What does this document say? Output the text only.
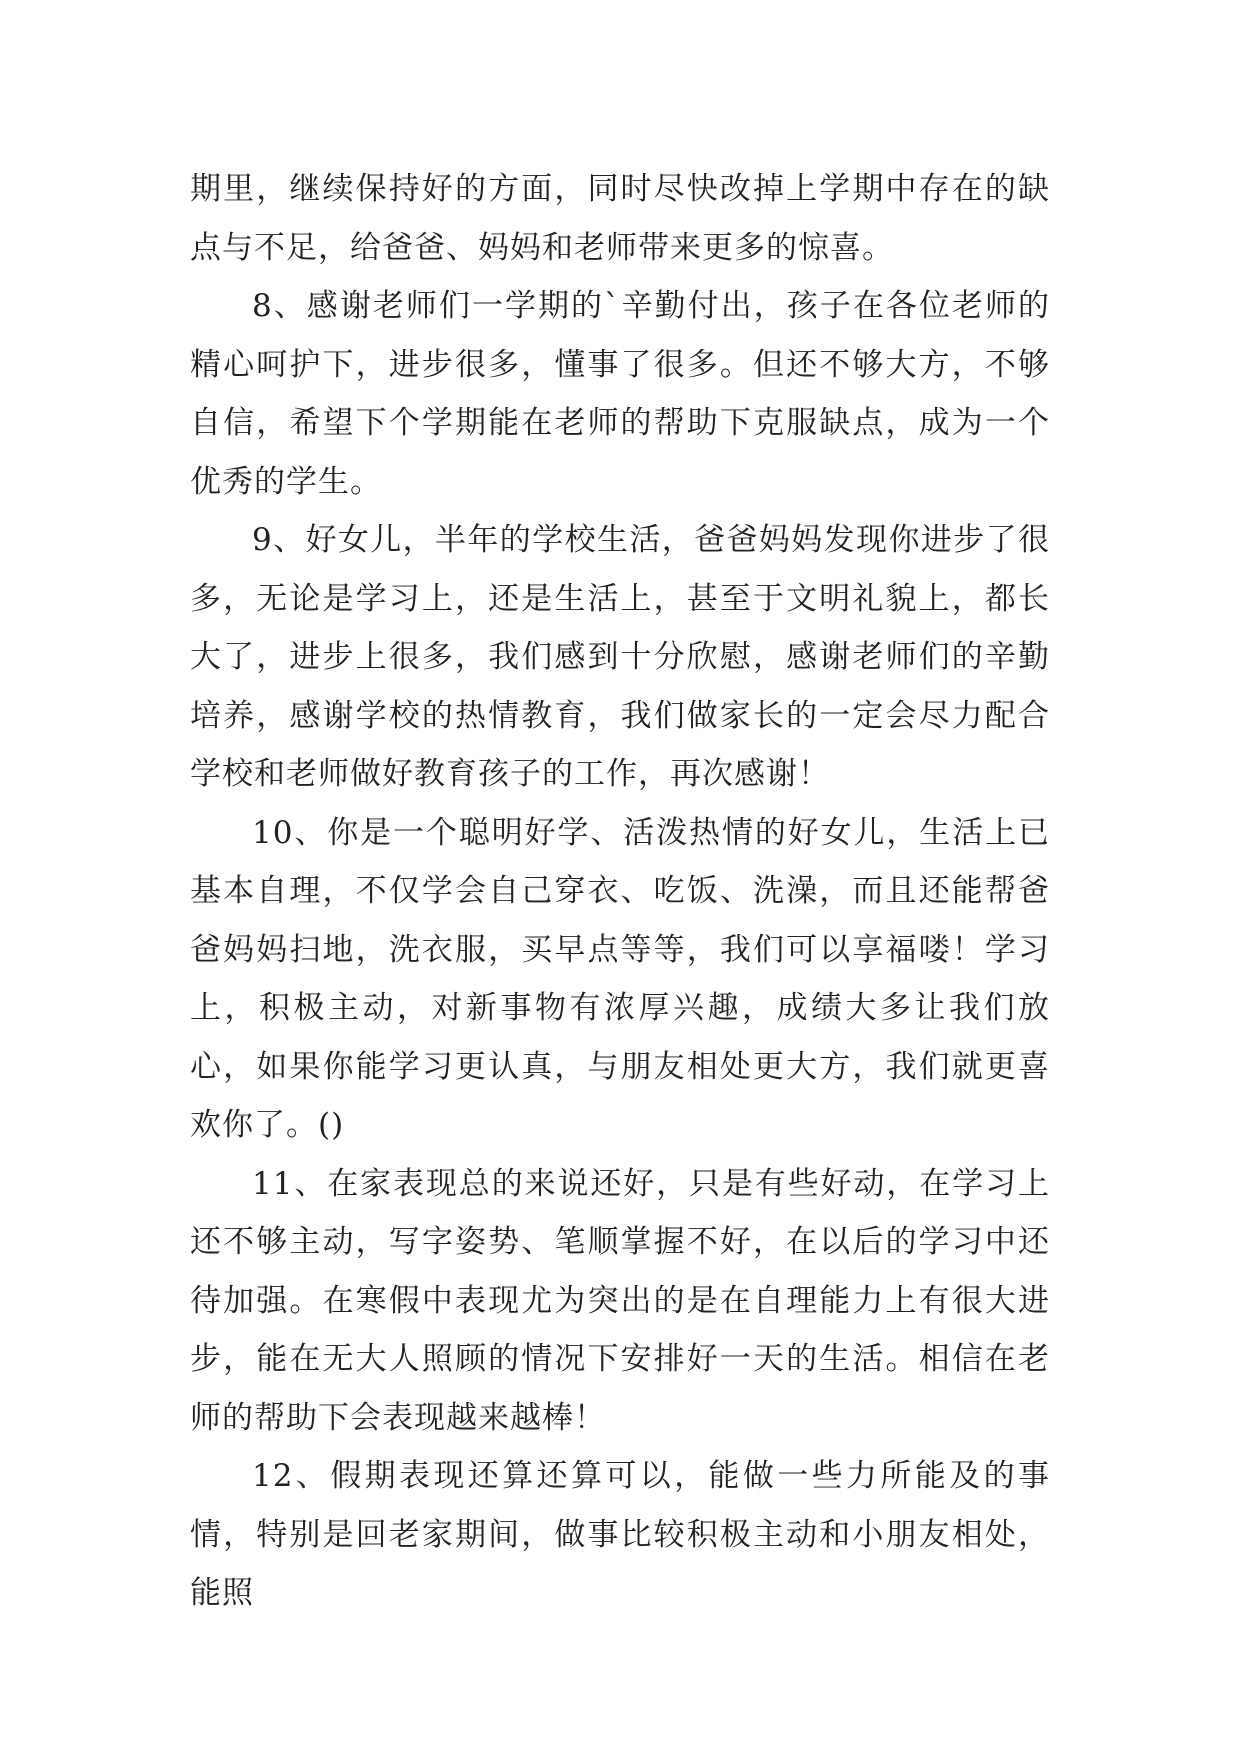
期里，继续保持好的方面，同时尽快改掉上学期中存在的缺点与不足，给爸爸、妈妈和老师带来更多的惊喜。

8、感谢老师们一学期的`辛勤付出，孩子在各位老师的精心呵护下，进步很多，懂事了很多。但还不够大方，不够自信，希望下个学期能在老师的帮助下克服缺点，成为一个优秀的学生。

9、好女儿，半年的学校生活，爸爸妈妈发现你进步了很多，无论是学习上，还是生活上，甚至于文明礼貌上，都长大了，进步上很多，我们感到十分欣慰，感谢老师们的辛勤培养，感谢学校的热情教育，我们做家长的一定会尽力配合学校和老师做好教育孩子的工作，再次感谢！

10、你是一个聪明好学、活泼热情的好女儿，生活上已基本自理，不仅学会自己穿衣、吃饭、洗澡，而且还能帮爸爸妈妈扫地，洗衣服，买早点等等，我们可以享福喽！学习上，积极主动，对新事物有浓厚兴趣，成绩大多让我们放心，如果你能学习更认真，与朋友相处更大方，我们就更喜欢你了。()

11、在家表现总的来说还好，只是有些好动，在学习上还不够主动，写字姿势、笔顺掌握不好，在以后的学习中还待加强。在寒假中表现尤为突出的是在自理能力上有很大进步，能在无大人照顾的情况下安排好一天的生活。相信在老师的帮助下会表现越来越棒！

12、假期表现还算还算可以，能做一些力所能及的事情，特别是回老家期间，做事比较积极主动和小朋友相处，能照
